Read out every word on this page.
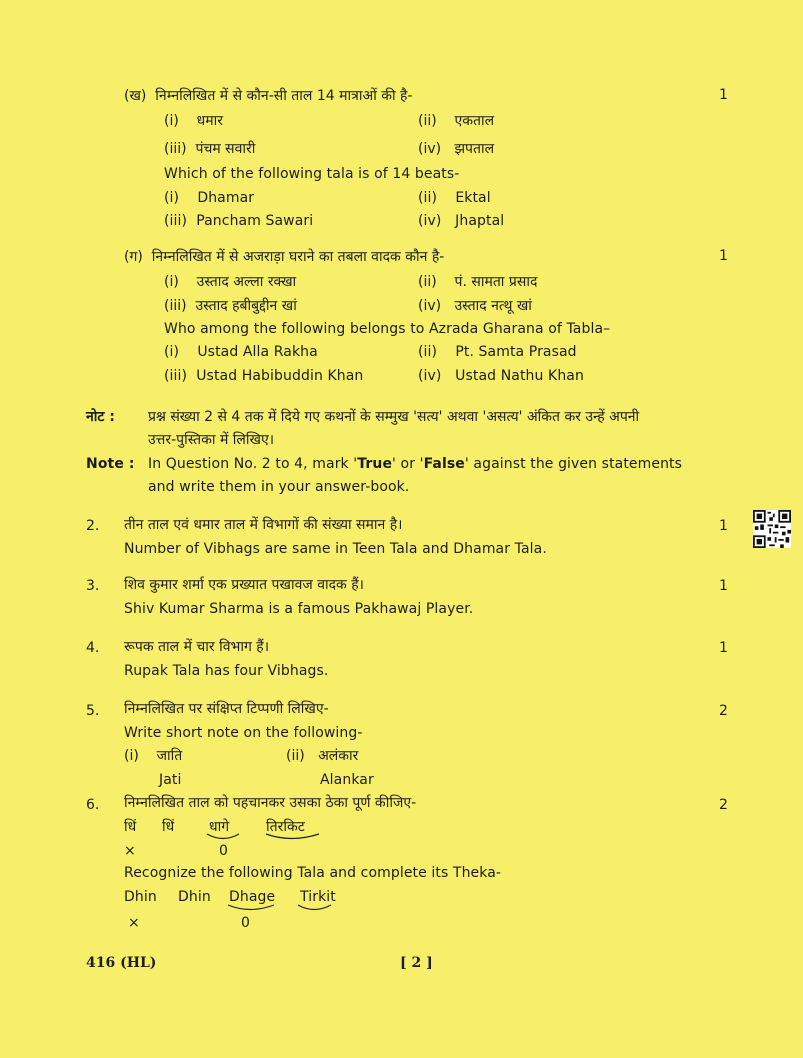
(ख) निम्नलिखित में से कौन-सी ताल 14 मात्राओं की है-	1
(i) धमार	(ii) एकताल
(iii) पंचम सवारी	(iv) झपताल
Which of the following tala is of 14 beats-
(i) Dhamar	(ii) Ektal
(iii) Pancham Sawari	(iv) Jhaptal
(ग) निम्नलिखित में से अजराड़ा घराने का तबला वादक कौन है-	1
(i) उस्ताद अल्ला रक्खा	(ii) पं. सामता प्रसाद
(iii) उस्ताद हबीबुद्दीन खां	(iv) उस्ताद नत्थू खां
Who among the following belongs to Azrada Gharana of Tabla–
(i) Ustad Alla Rakha	(ii) Pt. Samta Prasad
(iii) Ustad Habibuddin Khan	(iv) Ustad Nathu Khan
नोट : प्रश्न संख्या 2 से 4 तक में दिये गए कथनों के सम्मुख 'सत्य' अथवा 'असत्य' अंकित कर उन्हें अपनी
उत्तर-पुस्तिका में लिखिए।
Note : In Question No. 2 to 4, mark 'True' or 'False' against the given statements
and write them in your answer-book.
2. तीन ताल एवं धमार ताल में विभागों की संख्या समान है।	1
Number of Vibhags are same in Teen Tala and Dhamar Tala.
3. शिव कुमार शर्मा एक प्रख्यात पखावज वादक हैं।	1
Shiv Kumar Sharma is a famous Pakhawaj Player.
4. रूपक ताल में चार विभाग हैं।	1
Rupak Tala has four Vibhags.
5. निम्नलिखित पर संक्षिप्त टिप्पणी लिखिए-	2
Write short note on the following-
(i) जाति	(ii) अलंकार
Jati	Alankar
6. निम्नलिखित ताल को पहचानकर उसका ठेका पूर्ण कीजिए-	2
धिं धिं धागे	तिरकिट
×	0
Recognize the following Tala and complete its Theka-
Dhin Dhin Dhage Tirkit
×	0
416 (HL)	[ 2 ]
